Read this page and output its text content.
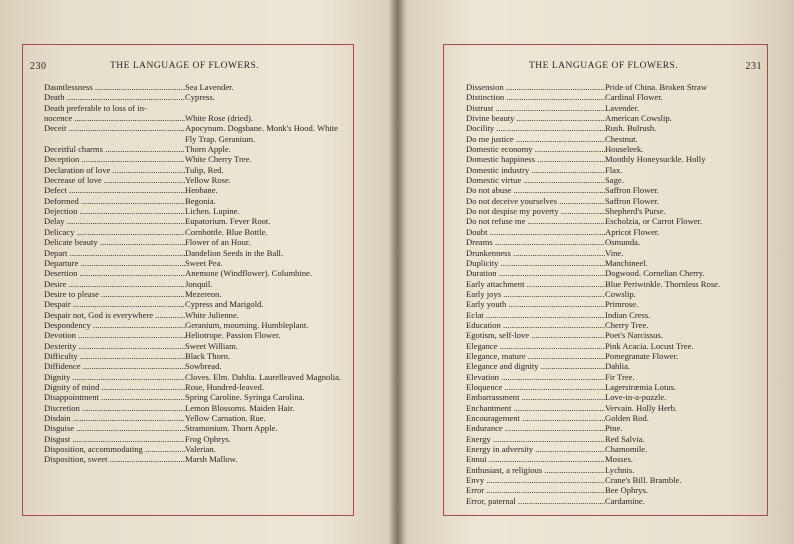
230	THE LANGUAGE OF FLOWERS.	THE LANGUAGE OF FLOWERS.	231
Dauntlessness .....	Sea Lavender.
Death .....	Cypress.
Death preferable to loss of in-
nocence .....	White Rose (dried).
Deceit .....	Apocynum. Dogsbane. Monk's Hood. White Fly Trap. Geranium.
Deceitful charms .....	Thorn Apple.
Deception .....	White Cherry Tree.
Declaration of love .....	Tulip, Red.
Decrease of love .....	Yellow Rose.
Defect .....	Henbane.
Deformed .....	Begonia.
Dejection .....	Lichen. Lupine.
Delay .....	Eupatorium. Fever Root.
Delicacy .....	Cornbottle. Blue Bottle.
Delicate beauty .....	Flower of an Hour.
Depart .....	Dandelion Seeds in the Ball.
Departure .....	Sweet Pea.
Desertion .....	Anemone (Windflower). Columbine.
Desire .....	Jonquil.
Desire to please .....	Mezereon.
Despair .....	Cypress and Marigold.
Despair not, God is everywhere .....	White Julienne.
Despondency .....	Geranium, mourning. Humbleplant.
Devotion .....	Heliotrope. Passion Flower.
Dexterity .....	Sweet William.
Difficulty .....	Black Thorn.
Diffidence .....	Sowbread.
Dignity .....	Cloves. Elm. Dahlia. Laurelleaved Magnolia.
Dignity of mind .....	Rose, Hundred-leaved.
Disappointment .....	Spring Caroline. Syringa Carolina.
Discretion .....	Lemon Blossoms. Maiden Hair.
Disdain .....	Yellow Carnation. Rue.
Disguise .....	Stramonium. Thorn Apple.
Disgust .....	Frog Ophrys.
Disposition, accommodating .....	Valerian.
Disposition, sweet .....	Marsh Mallow.
Dissension .....	Pride of China. Broken Straw
Distinction .....	Cardinal Flower.
Distrust .....	Lavender.
Divine beauty .....	American Cowslip.
Docility .....	Rush. Bulrush.
Do me justice .....	Chestnut.
Domestic economy .....	Houseleek.
Domestic happiness .....	Monthly Honeysuckle. Holly
Domestic industry .....	Flax.
Domestic virtue .....	Sage.
Do not abuse .....	Saffron Flower.
Do not deceive yourselves .....	Saffron Flower.
Do not despise my poverty .....	Shepherd's Purse.
Do not refuse me .....	Escholzia, or Carrot Flower.
Doubt .....	Apricot Flower.
Dreams .....	Osmunda.
Drunkenness .....	Vine.
Duplicity .....	Manchineel.
Duration .....	Dogwood. Cornelian Cherry.
Early attachment .....	Blue Periwinkle. Thornless Rose.
Early joys .....	Cowslip.
Early youth .....	Primrose.
Eclat .....	Indian Cress.
Education .....	Cherry Tree.
Egotism, self-love .....	Poet's Narcissus.
Elegance .....	Pink Acacia. Locust Tree.
Elegance, mature .....	Pomegranate Flower.
Elegance and dignity .....	Dahlia.
Elevation .....	Fir Tree.
Eloquence .....	Lagerstræmia Lotus.
Embarrassment .....	Love-in-a-puzzle.
Enchantment .....	Vervain. Holly Herb.
Encouragement .....	Golden Rod.
Endurance .....	Pine.
Energy .....	Red Salvia.
Energy in adversity .....	Chamomile.
Ennui .....	Mosses.
Enthusiast, a religious .....	Lychnis.
Envy .....	Crane's Bill. Bramble.
Error .....	Bee Ophrys.
Error, paternal .....	Cardamine.
